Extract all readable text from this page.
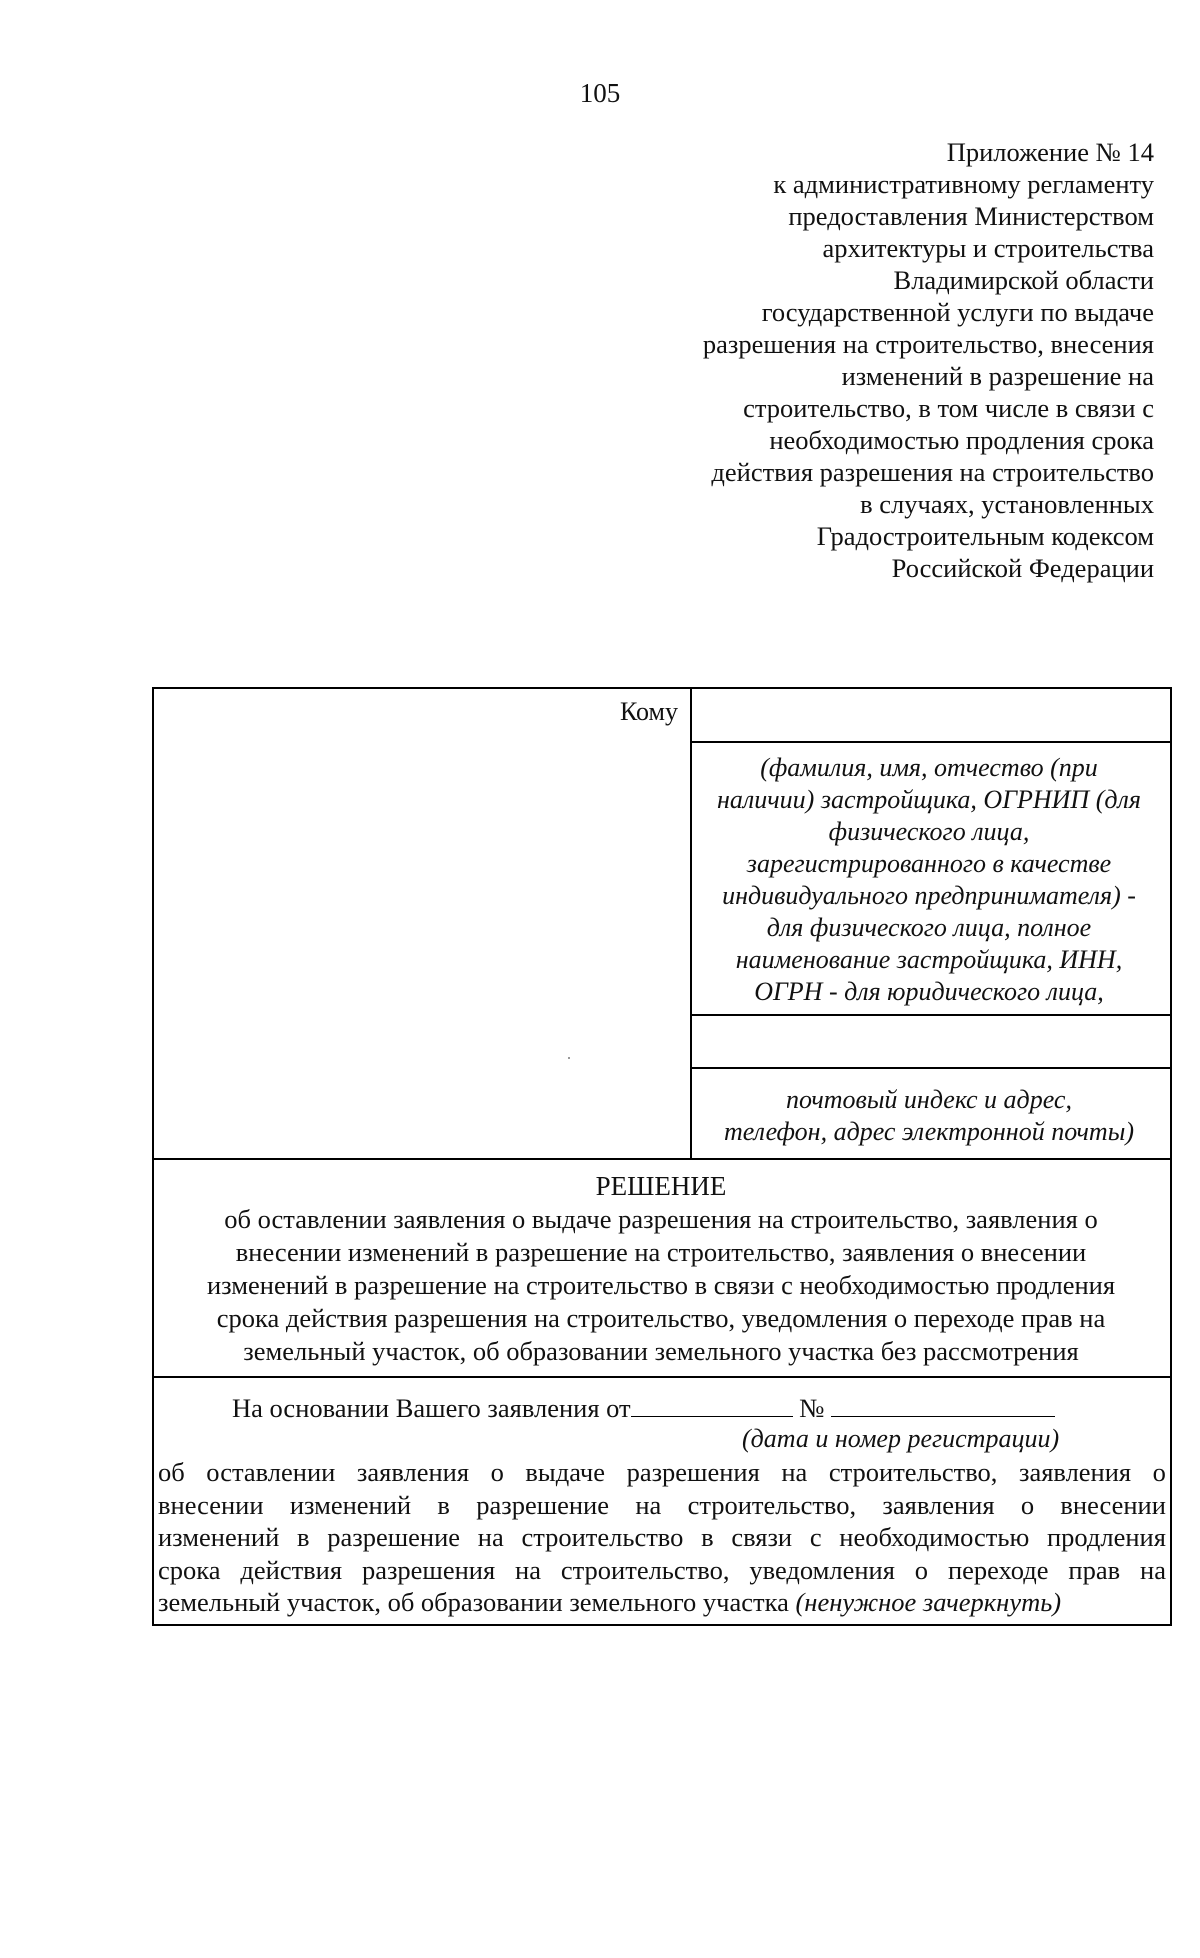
105
Приложение № 14
к административному регламенту
предоставления Министерством
архитектуры и строительства
Владимирской области
государственной услуги по выдаче
разрешения на строительство, внесения
изменений в разрешение на
строительство, в том числе в связи с
необходимостью продления срока
действия разрешения на строительство
в случаях, установленных
Градостроительным кодексом
Российской Федерации
Кому
(фамилия, имя, отчество (при
наличии) застройщика, ОГРНИП (для
физического лица,
зарегистрированного в качестве
индивидуального предпринимателя) -
для физического лица, полное
наименование застройщика, ИНН,
ОГРН - для юридического лица,
почтовый индекс и адрес,
телефон, адрес электронной почты)
РЕШЕНИЕ
об оставлении заявления о выдаче разрешения на строительство, заявления о
внесении изменений в разрешение на строительство, заявления о внесении
изменений в разрешение на строительство в связи с необходимостью продления
срока действия разрешения на строительство, уведомления о переходе прав на
земельный участок, об образовании земельного участка без рассмотрения
На основании Вашего заявления от	№
(дата и номер регистрации)
об оставлении заявления о выдаче разрешения на строительство, заявления о
внесении изменений в разрешение на строительство, заявления о внесении
изменений в разрешение на строительство в связи с необходимостью продления
срока действия разрешения на строительство, уведомления о переходе прав на
земельный участок, об образовании земельного участка (ненужное зачеркнуть)
